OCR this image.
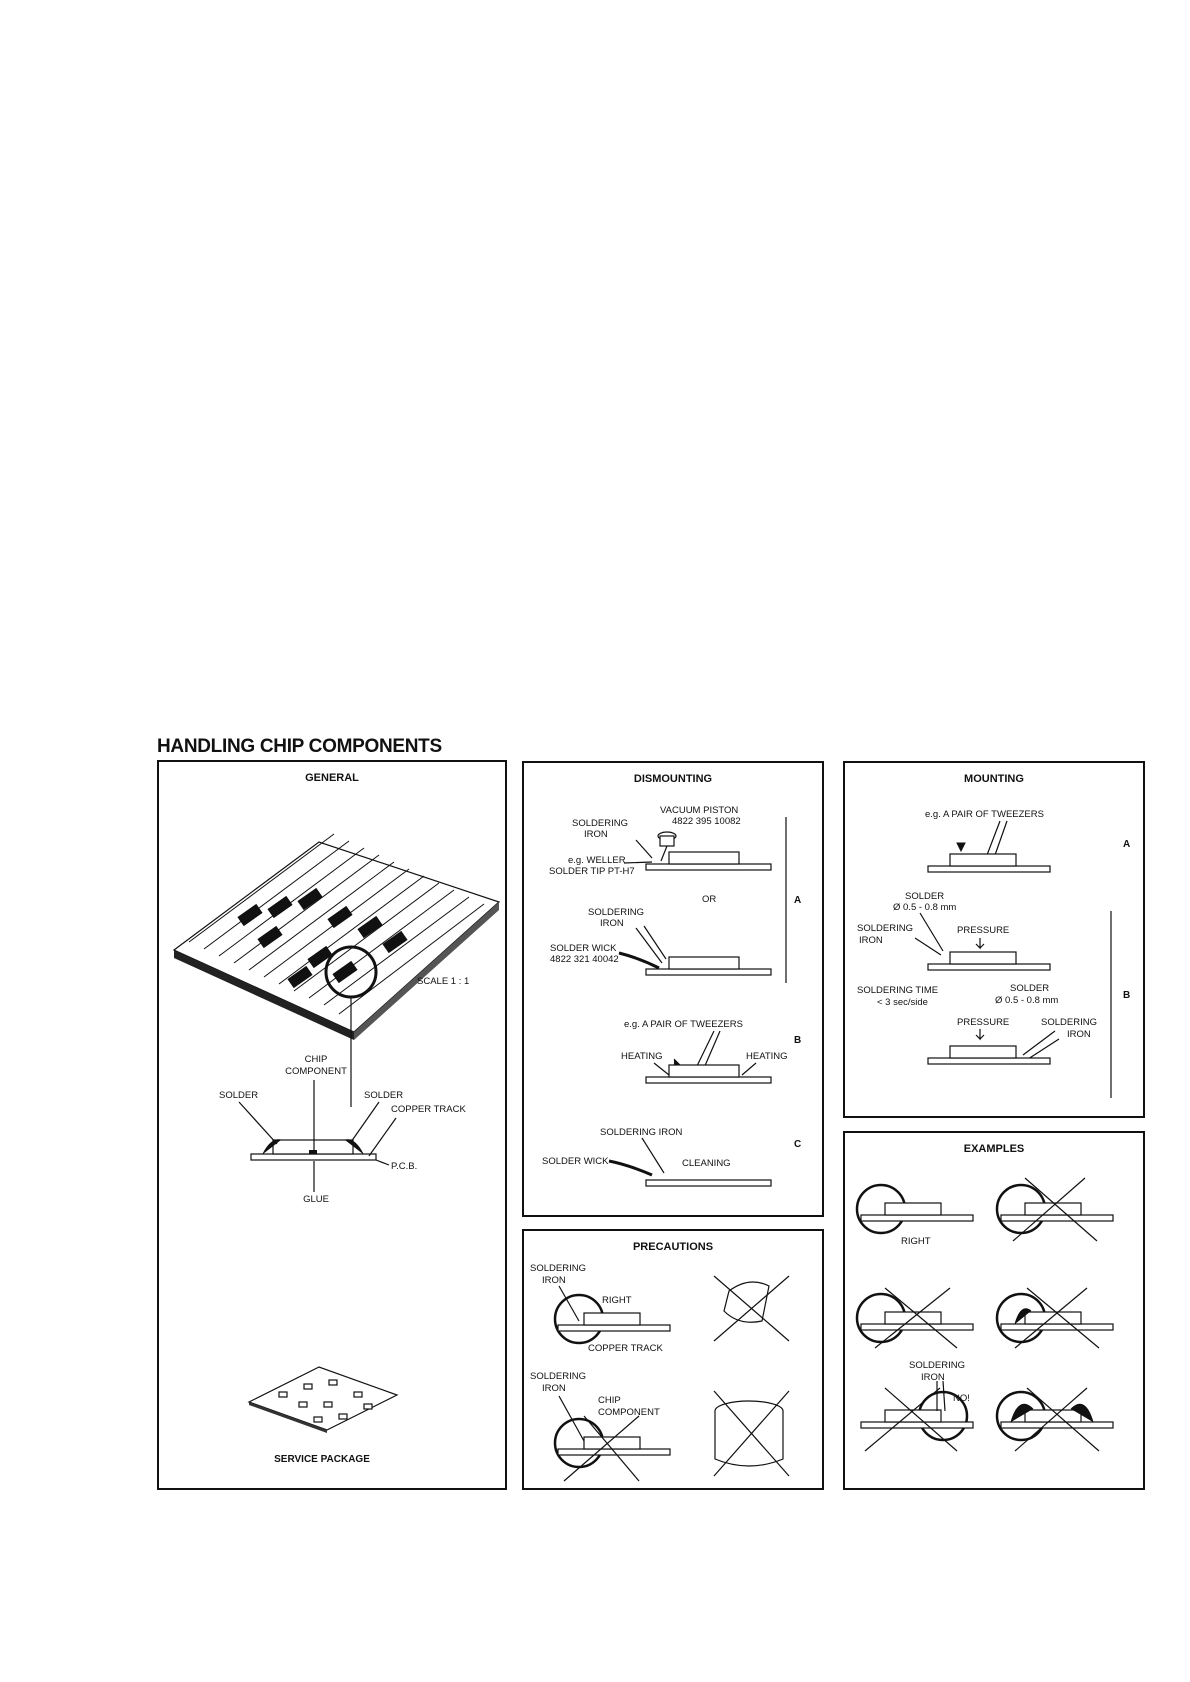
HANDLING CHIP COMPONENTS
GENERAL
SCALE 1 : 1
CHIP
COMPONENT
SOLDER	SOLDER
COPPER TRACK
P.C.B.
GLUE
SERVICE PACKAGE
DISMOUNTING
VACUUM PISTON
4822 395 10082
SOLDERING
IRON
e.g. WELLER
SOLDER TIP PT-H7
OR
SOLDERING
IRON
SOLDER WICK
4822 321 40042
A
e.g. A PAIR OF TWEEZERS
B
HEATING	HEATING
SOLDERING IRON
C
SOLDER WICK	CLEANING
PRECAUTIONS
SOLDERING
IRON
RIGHT
COPPER TRACK
SOLDERING
IRON
CHIP
COMPONENT
MOUNTING
e.g. A PAIR OF TWEEZERS
A
SOLDER
Ø 0.5 - 0.8 mm
SOLDERING
IRON
PRESSURE
SOLDERING TIME
< 3 sec/side
SOLDER
Ø 0.5 - 0.8 mm	B
PRESSURE	SOLDERING
IRON
EXAMPLES
RIGHT
SOLDERING
IRON
NO!
